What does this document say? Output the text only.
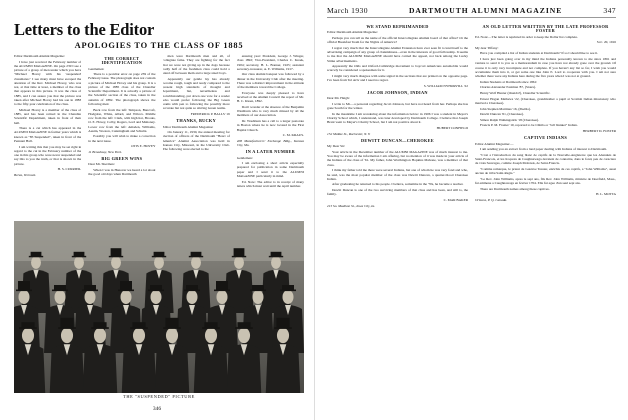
Letters to the Editor
APOLOGIES TO THE CLASS OF 1885

Editor Dartmouth Alumni Magazine:

I have just received the February number of the ALUMNI MAGAZINE. On page 239 I see a picture of a group of men under which you have "Michael Hovey with his 'suspended' classmates." I see many must have escaped the attention of the Rev. Michael Hovey, who was not, at that time at least, a member of the class that appears in this picture. It was the class of 1885, and I can assure you that the picture was taken after Michael Hovey had his son in 1883 to the fifty-year celebration of the class.

Michael Hovey is a member of the class of 1885, and has been retired in the Chandler Scientific Department, taken in front of their hall.

There is a cut which has appeared in the ALUMNI MAGAZINE in former years which is known as "85 Suspended", taken in front of the Pennant Hall.

I am writing this that you may be set right in regard to the cut in the February number of the one in this group who were never suspended and say this to you the truth, or that is shown in the picture.

H. S. CURRIER.

Berea, Vermont.

THE CORRECT IDENTIFICATION

Gentlemen:

There is a peculiar error on page 239 of the February issue. The photograph does not contain a picture of Michael Hovey and his group. It is a picture of the 1885 class of the Chandler Scientific Department. It is actually a picture of the Scientific section of the class, taken in the autumn of 1882. The photograph shows the following men:

Back row from the left: Simpson, Bancroft, Hodgdon, White, Allard, and Wilcox. Middle row from the left: Clark, with high hat, Brooks, O. E. Hovey, Colby, Rogers, Lord and Mahoney. Lower row from the left: Amsden, Williams, Austin, Wooton, Cunningham and Schultz.

Possibly you will wish to make a correction in the next issue.

OTIS E. HOVEY

11 Broadway, New York.

BIG GREEN WINS

Dear Mr. Sherman:

When I was in Hanover we heard a lot about the good old days when Dartmouth

men were Dartmouth men and all, of collegiate fame. They are fighting for the fact that we were not giving up in the dogs because badly half of the freshmen class could hold a stand off between them and a large sized boys.

Apparently our gentle lay has already become rough, tough and ready compared to the present high standards of thought and department, but, nevertheless and notwithstanding, put down one vote for a reader who would prefer following the Big Green teams with pen to following the possibly more accurate but not quite so stirring Green teams.

FREDERICK P. BALLS '19

THANKS, BUCKY

Editor Dartmouth Alumni Magazine:

On January 11, 1930, the annual meeting for election of officers of the Dartmouth "Heart of America" Alumni Association was held in Kansas City, Missouri, in the University Club. The following were elected to the

ensuing year: President, George J. Winger, class 1892; Vice-President, Charles C. Kreek, 1904; secretary, H. L. Bonner, 1925; assistant secretary-treasurer, A. E. Williams, 1917.

Our class alumni banquet was followed by a dinner in the University Club after the meeting. There was a distinct improvement in the attitude of the members toward the College.

Everyone was deeply pleased to have received at the Alumni Council the report of Mr. H. C. Kleen, 1892.

Don't wonder at the absence of the Benjamin Washburn who is very much missed by all the members of our Association.

Dr. Washburn has a call to a larger pastorate in Boston where he is now located in the First Baptist Church.

C. M. KRAUS.

408 Manufacturers' Exchange Bldg., Kansas City, Mo.

IN A LATER NUMBER

Gentlemen:

I am enclosing a short article especially prepared for publication in some Dartmouth paper and I send it to the ALUMNI MAGAZINE particularly in mind.

Ed. Note: The editor is in receipt of many letters which must wait until the April number.

THE "SUSPENDED" PICTURE
346
March 1930	DARTMOUTH ALUMNI MAGAZINE	347
WE STAND REPRIMANDED

Editor Dartmouth Alumni Magazine:

Perhaps you can tell us the name of the official Intercollegiate Alumni board of that office? Or the official Breakfast Team for the Nights of America?

I regret very much that the Intercollegiate Alumni Extension have ever seen fit to lend itself to the advertising campaign of any group of clannishness—even in the interests of good fellowship. It seems to me that the ALUMNI MAGAZINE should have carried the appeal, not back among the Lucky Strike advertisements.

Apparently the Olds and Oxford-Cambridge movement to boycott Americans automobile would scarcely be considered a spokesman for it.

I might very much disagree with some signal in the sections that are printed on the opposite page. I've been from Tel Aviv and I need no regret.

S. WILLIAM NYHORVILL '22

JACOB JOHNSON, INDIAN

Dear Mr. Haigh:

I write to Mr.—a personal regarding Jacob Johnson, but have not heard from her. Perhaps she has gone South for the winter.

In the meantime I am wondering about the information below: in 1906 I was a student in Meyer's Charity School which, I understand, was later developed by Dartmouth College. I believe that Joseph Brant went to Meyer's Charity School, but I am not positive about it.

HUBERT CONFIELD

152 McRae St., Rochester, N. Y.

DEWITT DUNCAN—CHEROKEE

My Dear Sir:

Your article in the December number of the ALUMNI MAGAZINE was of much interest to me. You may be aware of the information I am offering, but no mention of it was made in your article of the Indians of the class of '61. My father, John Worthington Hopkins Mahone, was a member of that class.

I think my father told me there were several Indians, but one of whom he was very fond and who, he said, was the most popular member of the class was Dewitt Duncan, a quarter-blood Cherokee Indian.

After graduating he returned to his people. I believe, sometime in the '70s, he became a teacher.

Dewitt Duncan is one of the two surviving members of that class and has been, and still is, the family.

C. MAR BAKER

215 So. Madison St., Iowa City, Ia.

AN OLD LETTER WRITTEN BY THE LATE PROFESSOR FOSTER

Ed. Note:—The letter is reprinted in order to keep the Dollar list complete.

Sept. 20, 1916

My dear Tiffany:

Have you compiled a list of Indian students at Dartmouth? If so I should like to see it.

I have just been going over in my mind the Indians personally known to me since 1861 and venture to send it to you as a memorandum in case you have not already gone over the ground. Of course it is only very incomplete and not complete. If you haven't any list so far, I wish you would accumulate them into it, or get some one like John E. Lord to cooperate with you. I am not sure whether there were any Indians here during the five years when I was not at ground.

Indian Students at Dartmouth since 1861:

Charles Alexander Eastman '87, (Sioux).

Henry Wolf Hunter (Oneida?), Chandler Scientific.

Ernest Hogan Mathews '22, (Cherokee, grandmother a pupil at Scottish Indian missionary who married a Cherokee).

John Stephen Martinus '16, (Pueblo).

Dewitt Duncan '61, (Cherokee).

Simon Ralph Walkingstick '18 (Cherokee).

Francis P. M. Frazier '10, reported to be Chhila or "tall blanket" Indian.

HERBERT D. FOSTER

CAPTIVE INDIANS

Editor Alumni Magazine:—

I am sending you an extract from a land paper dealing with Indians of interest to Dartmouth.

"C'est a l'introduction du sang blanc de captifs de la Nouvelle-Angleterre que les Abenakis de Saint-Francois, et les Iroquois de Caughnawaga devaient de connaitre, dans le fond, peu de caractere de vrais Sauvages, comme Joseph Mohawk, de Saint-Francis.

"Comme remarque, le prieur de Gustave Tessier, enrichis de ces captifs, a "John Williams", aussi ancien de tribu Saint-Regis."

"Le Rev. John Williams, apres le sept ans, fils Rev. John Williams, ministre de Deerfield, Mass., fut emmene a Caughnawaga en fevrier 1704. Elle fut agee d'un seul sept ans.

There are Dartmouth names among these captives.

H. L. MOTTA

Orleans, P. Q. Canada.
